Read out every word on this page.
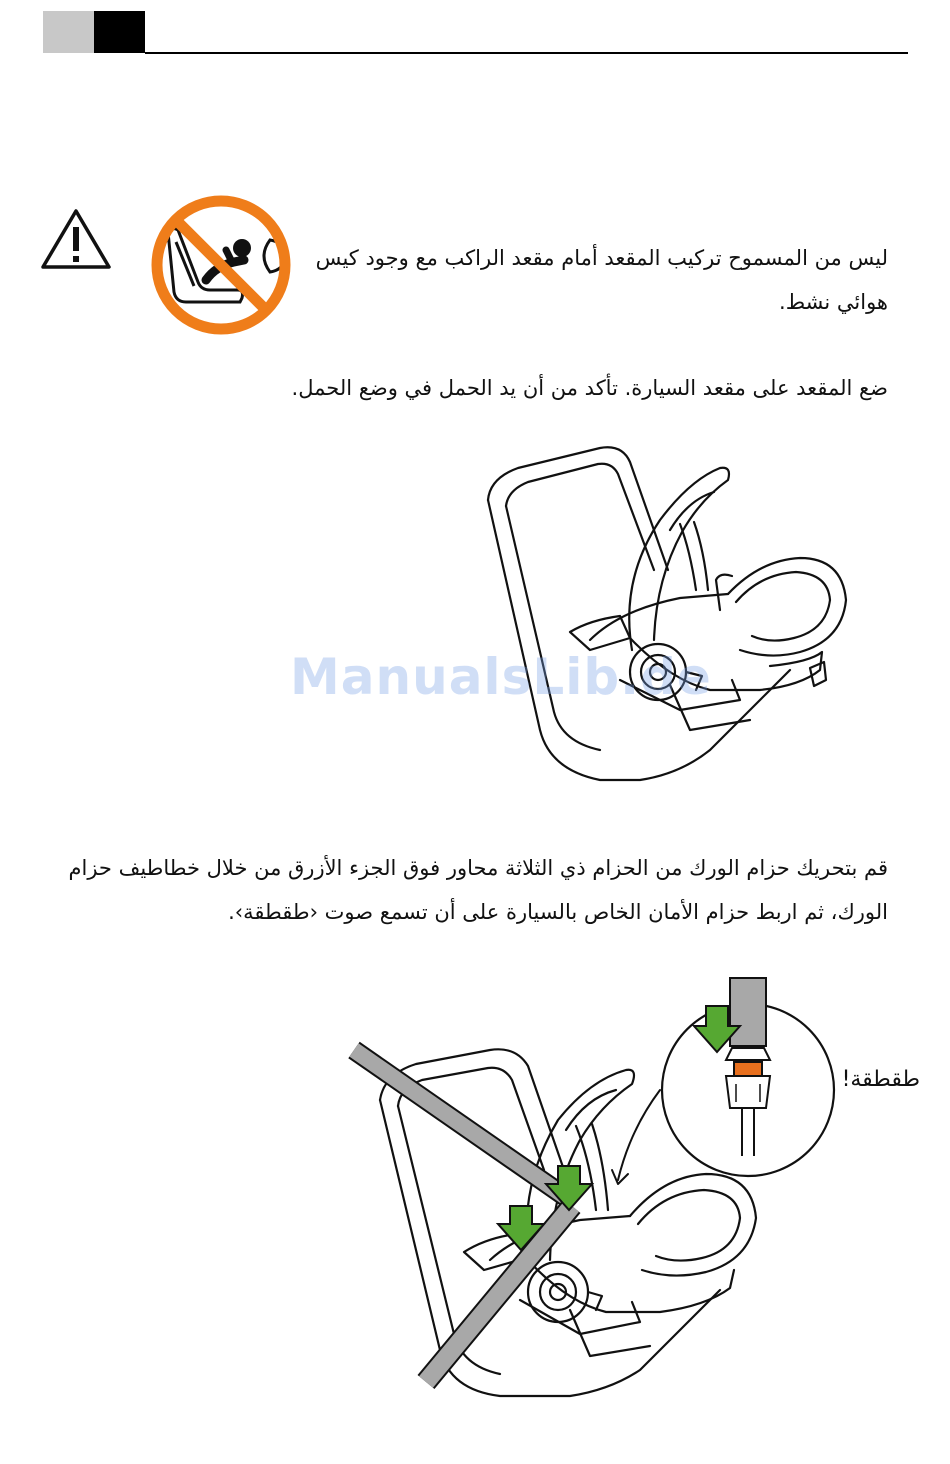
ليس من المسموح تركيب المقعد أمام مقعد الراكب مع وجود كيس هوائي نشط.
ضع المقعد على مقعد السيارة. تأكد من أن يد الحمل في وضع الحمل.
ManualsLib.de
قم بتحريك حزام الورك من الحزام ذي الثلاثة محاور فوق الجزء الأزرق من خلال خطاطيف حزام الورك، ثم اربط حزام الأمان الخاص بالسيارة على أن تسمع صوت ‹طقطقة›.
طقطقة!
